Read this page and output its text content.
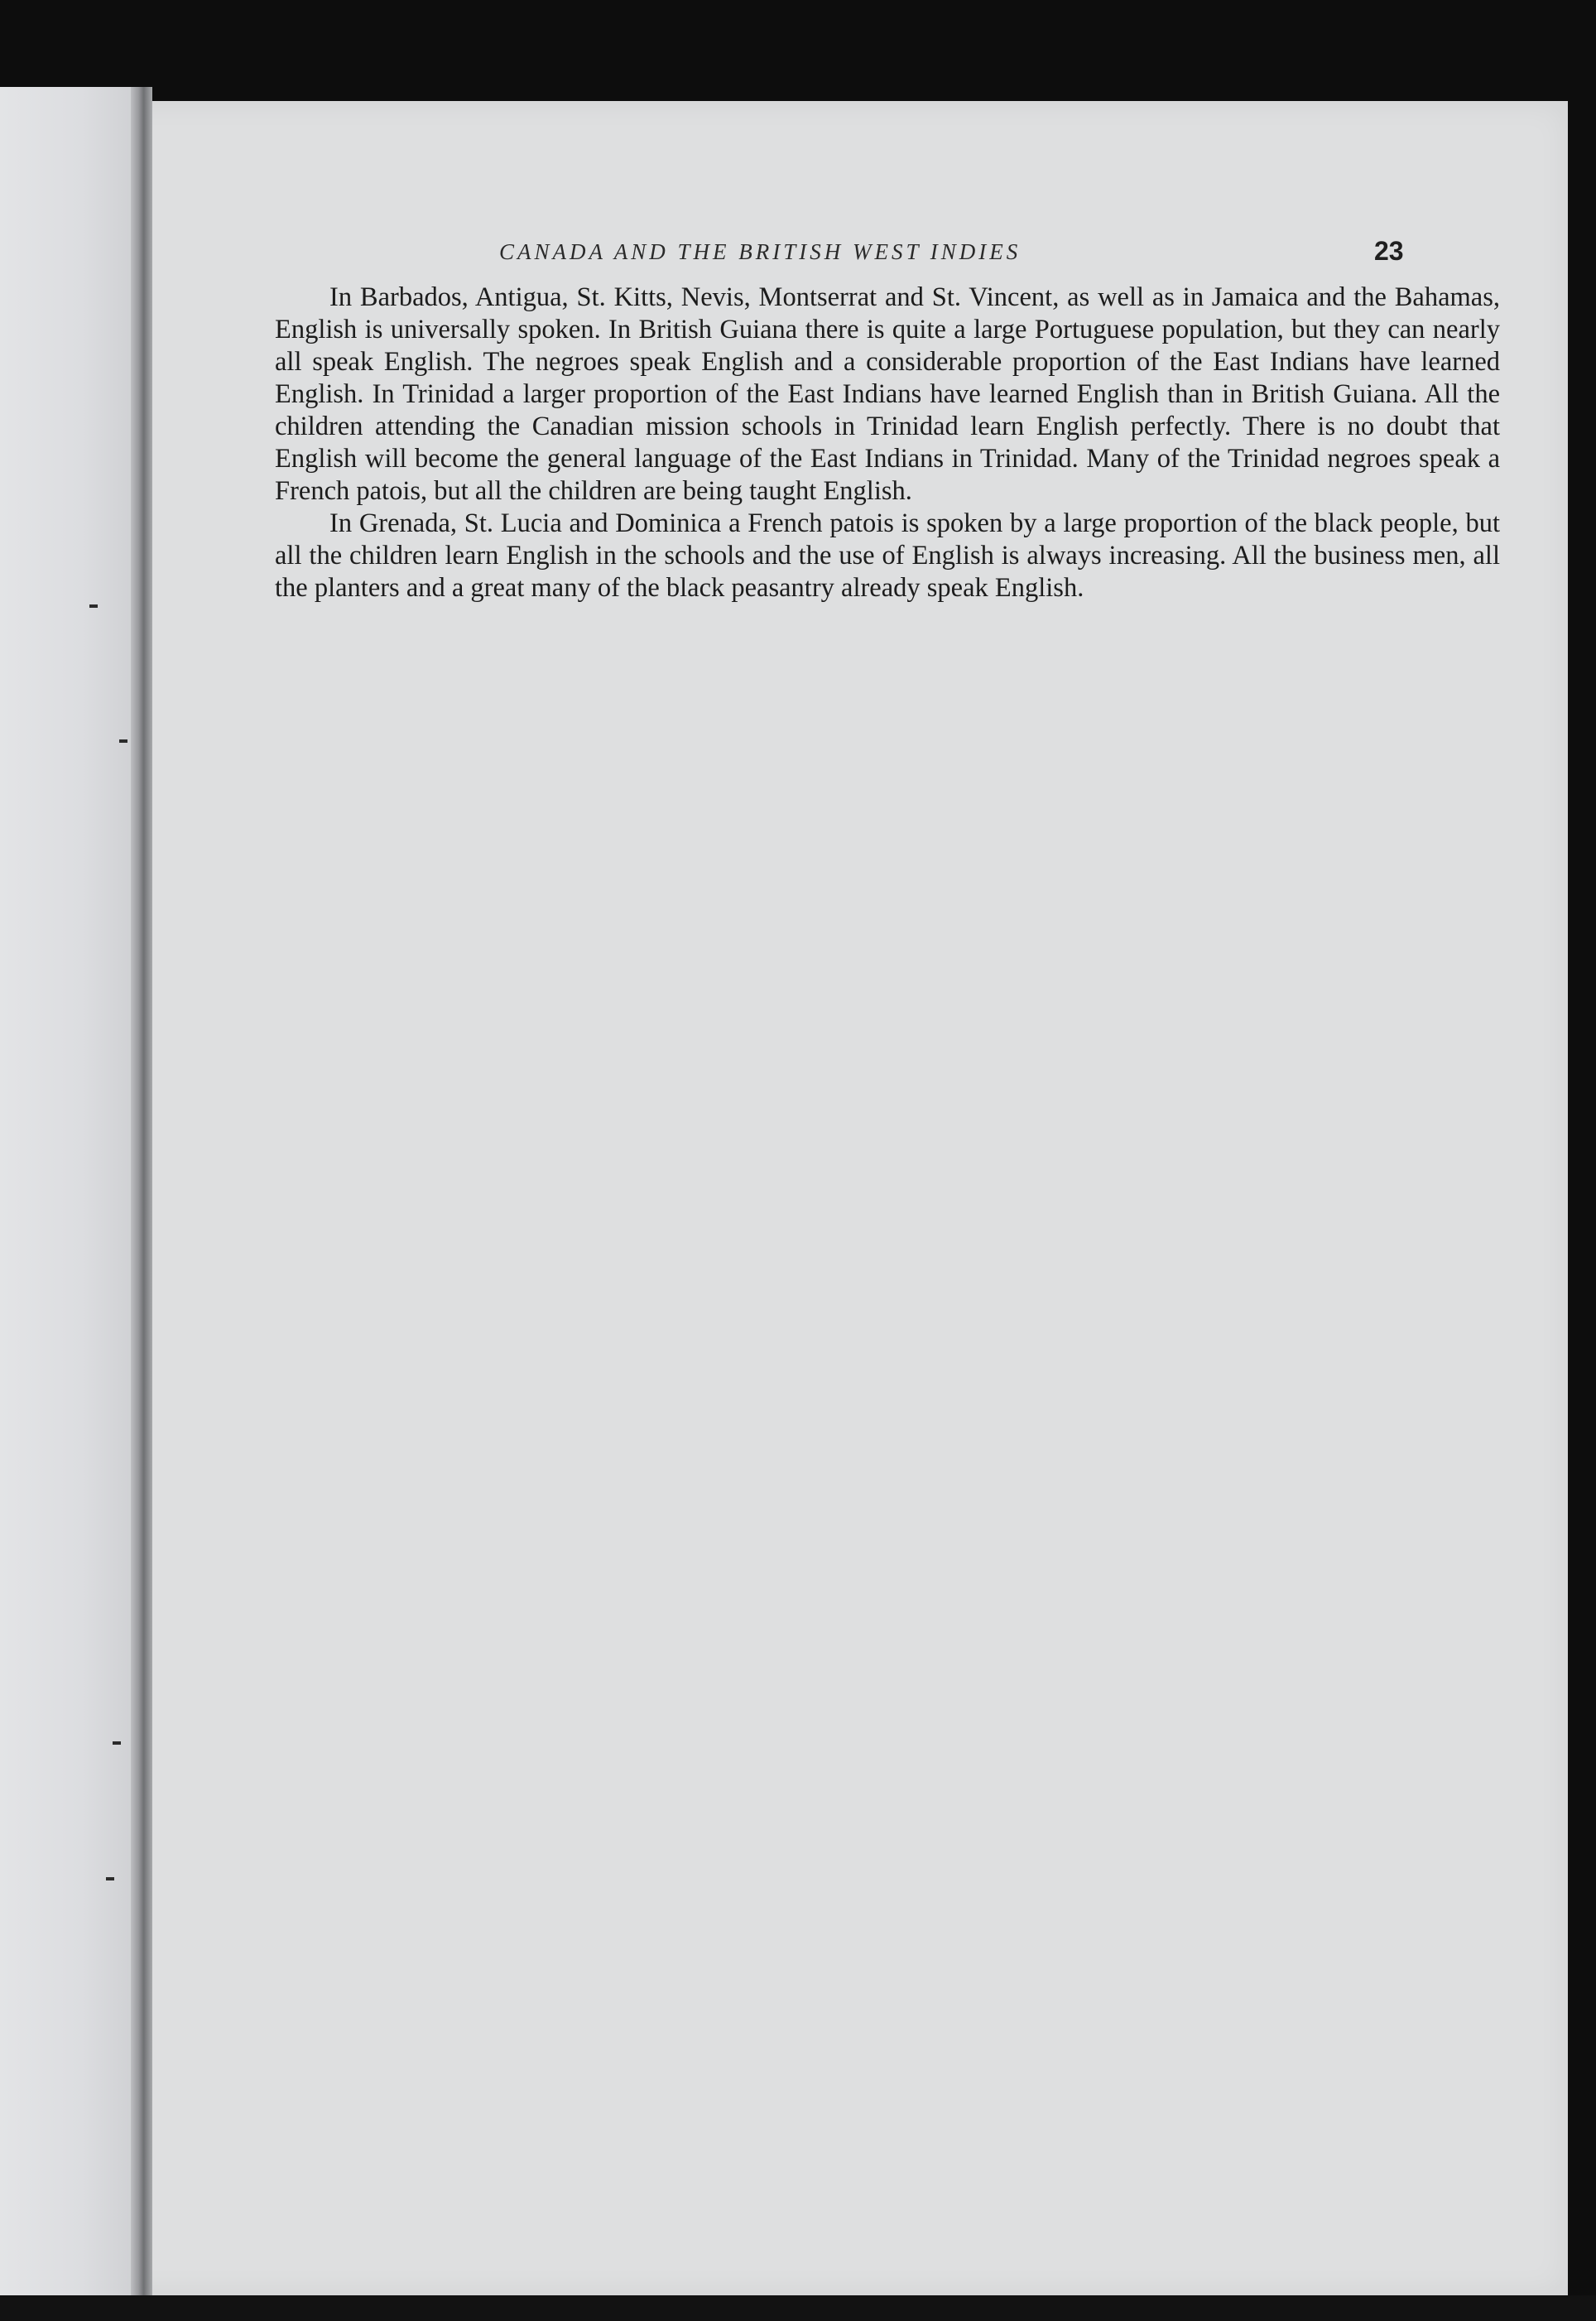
CANADA AND THE BRITISH WEST INDIES	23

In Barbados, Antigua, St. Kitts, Nevis, Montserrat and St. Vincent, as well as in Jamaica and the Bahamas, English is universally spoken. In British Guiana there is quite a large Portuguese population, but they can nearly all speak English. The negroes speak English and a considerable proportion of the East Indians have learned English. In Trinidad a larger proportion of the East Indians have learned English than in British Guiana. All the children attending the Canadian mission schools in Trinidad learn English perfectly. There is no doubt that English will become the general language of the East Indians in Trinidad. Many of the Trinidad negroes speak a French patois, but all the children are being taught English.

In Grenada, St. Lucia and Dominica a French patois is spoken by a large proportion of the black people, but all the children learn English in the schools and the use of English is always increasing. All the business men, all the planters and a great many of the black peasantry already speak English.
